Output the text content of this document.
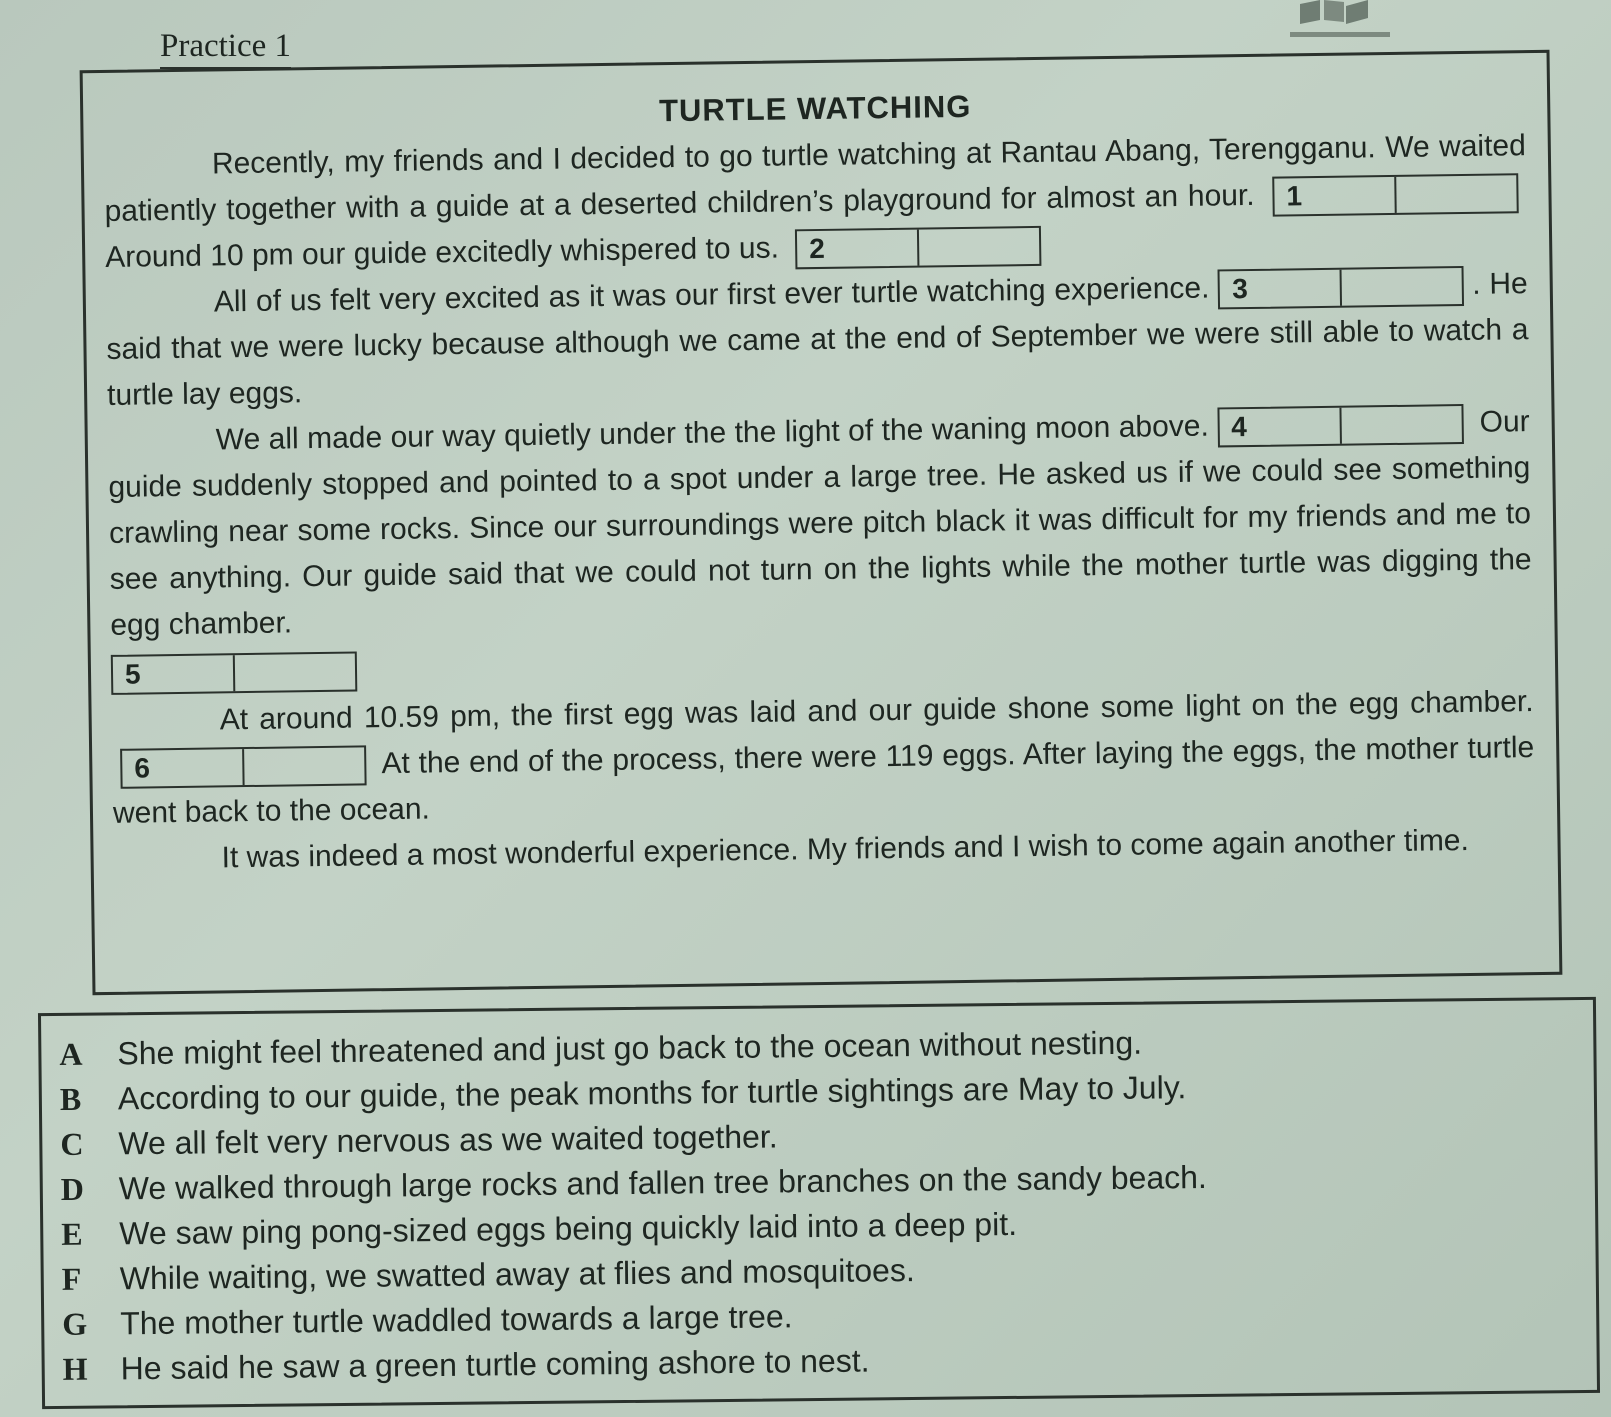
Practice 1
TURTLE WATCHING
Recently, my friends and I decided to go turtle watching at Rantau Abang, Terengganu. We waited patiently together with a guide at a deserted children’s playground for almost an hour.	1
Around 10 pm our guide excitedly whispered to us.	2
All of us felt very excited as it was our first ever turtle watching experience. 3	. He said that we were lucky because although we came at the end of September we were still able to watch a turtle lay eggs.
We all made our way quietly under the the light of the waning moon above. 4	Our guide suddenly stopped and pointed to a spot under a large tree. He asked us if we could see something crawling near some rocks. Since our surroundings were pitch black it was difficult for my friends and me to see anything. Our guide said that we could not turn on the lights while the mother turtle was digging the egg chamber.
5
At around 10.59 pm, the first egg was laid and our guide shone some light on the egg chamber.
6	At the end of the process, there were 119 eggs. After laying the eggs, the mother turtle went back to the ocean.
It was indeed a most wonderful experience. My friends and I wish to come again another time.
A	She might feel threatened and just go back to the ocean without nesting.
B	According to our guide, the peak months for turtle sightings are May to July.
C	We all felt very nervous as we waited together.
D	We walked through large rocks and fallen tree branches on the sandy beach.
E	We saw ping pong-sized eggs being quickly laid into a deep pit.
F	While waiting, we swatted away at flies and mosquitoes.
G	The mother turtle waddled towards a large tree.
H	He said he saw a green turtle coming ashore to nest.
